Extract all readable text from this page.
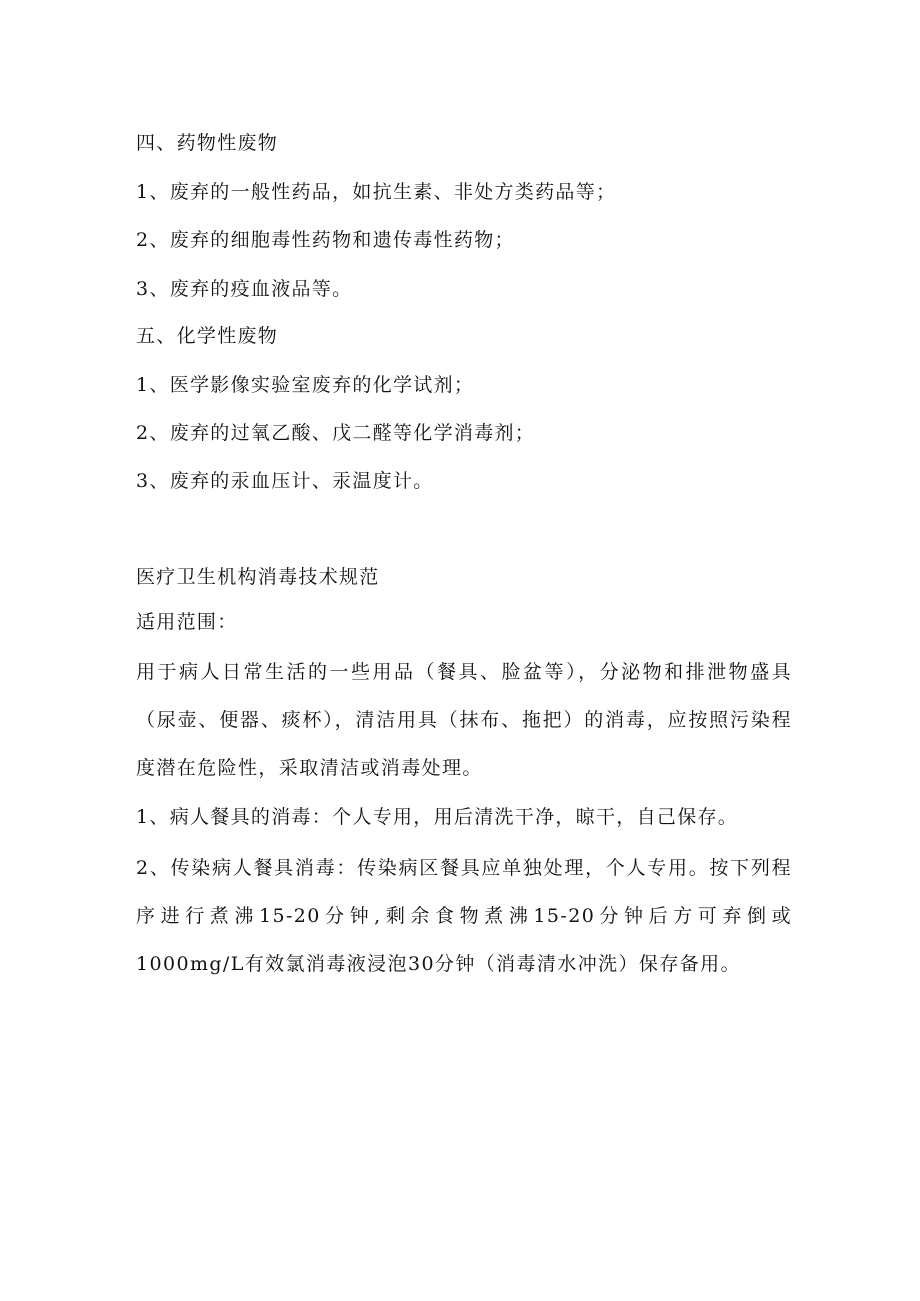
四、药物性废物

1、废弃的一般性药品，如抗生素、非处方类药品等；

2、废弃的细胞毒性药物和遗传毒性药物；

3、废弃的疫血液品等。

五、化学性废物

1、医学影像实验室废弃的化学试剂；

2、废弃的过氧乙酸、戊二醛等化学消毒剂；

3、废弃的汞血压计、汞温度计。

医疗卫生机构消毒技术规范

适用范围：

用于病人日常生活的一些用品（餐具、脸盆等），分泌物和排泄物盛具（尿壶、便器、痰杯），清洁用具（抹布、拖把）的消毒，应按照污染程度潜在危险性，采取清洁或消毒处理。

1、病人餐具的消毒：个人专用，用后清洗干净，晾干，自己保存。

2、传染病人餐具消毒：传染病区餐具应单独处理，个人专用。按下列程序进行煮沸15-20分钟,剩余食物煮沸15-20分钟后方可弃倒或1000mg/L有效氯消毒液浸泡30分钟（消毒清水冲洗）保存备用。
